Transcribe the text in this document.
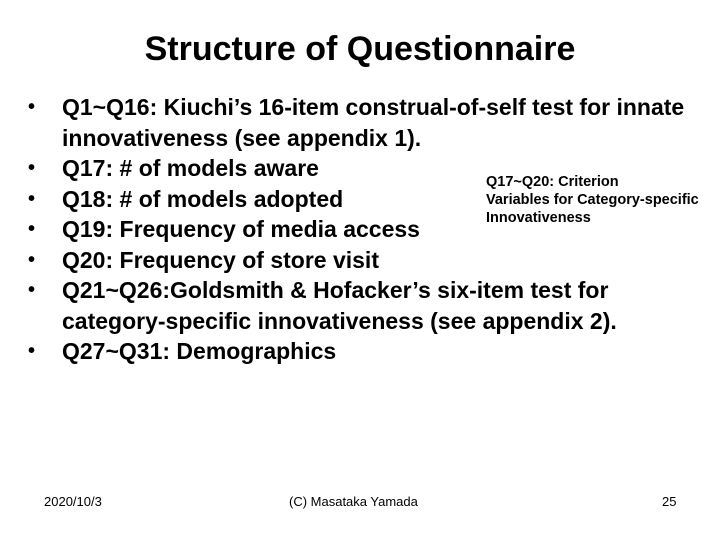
Structure of Questionnaire
• Q1~Q16: Kiuchi’s 16-item construal-of-self test for innate innovativeness (see appendix 1).
• Q17: # of models aware
• Q18: # of models adopted
• Q19: Frequency of media access
• Q20: Frequency of store visit
• Q21~Q26:Goldsmith & Hofacker’s six-item test for category-specific innovativeness (see appendix 2).
• Q27~Q31: Demographics
Q17~Q20: Criterion
Variables for Category-specific Innovativeness
2020/10/3	(C) Masataka Yamada	25
